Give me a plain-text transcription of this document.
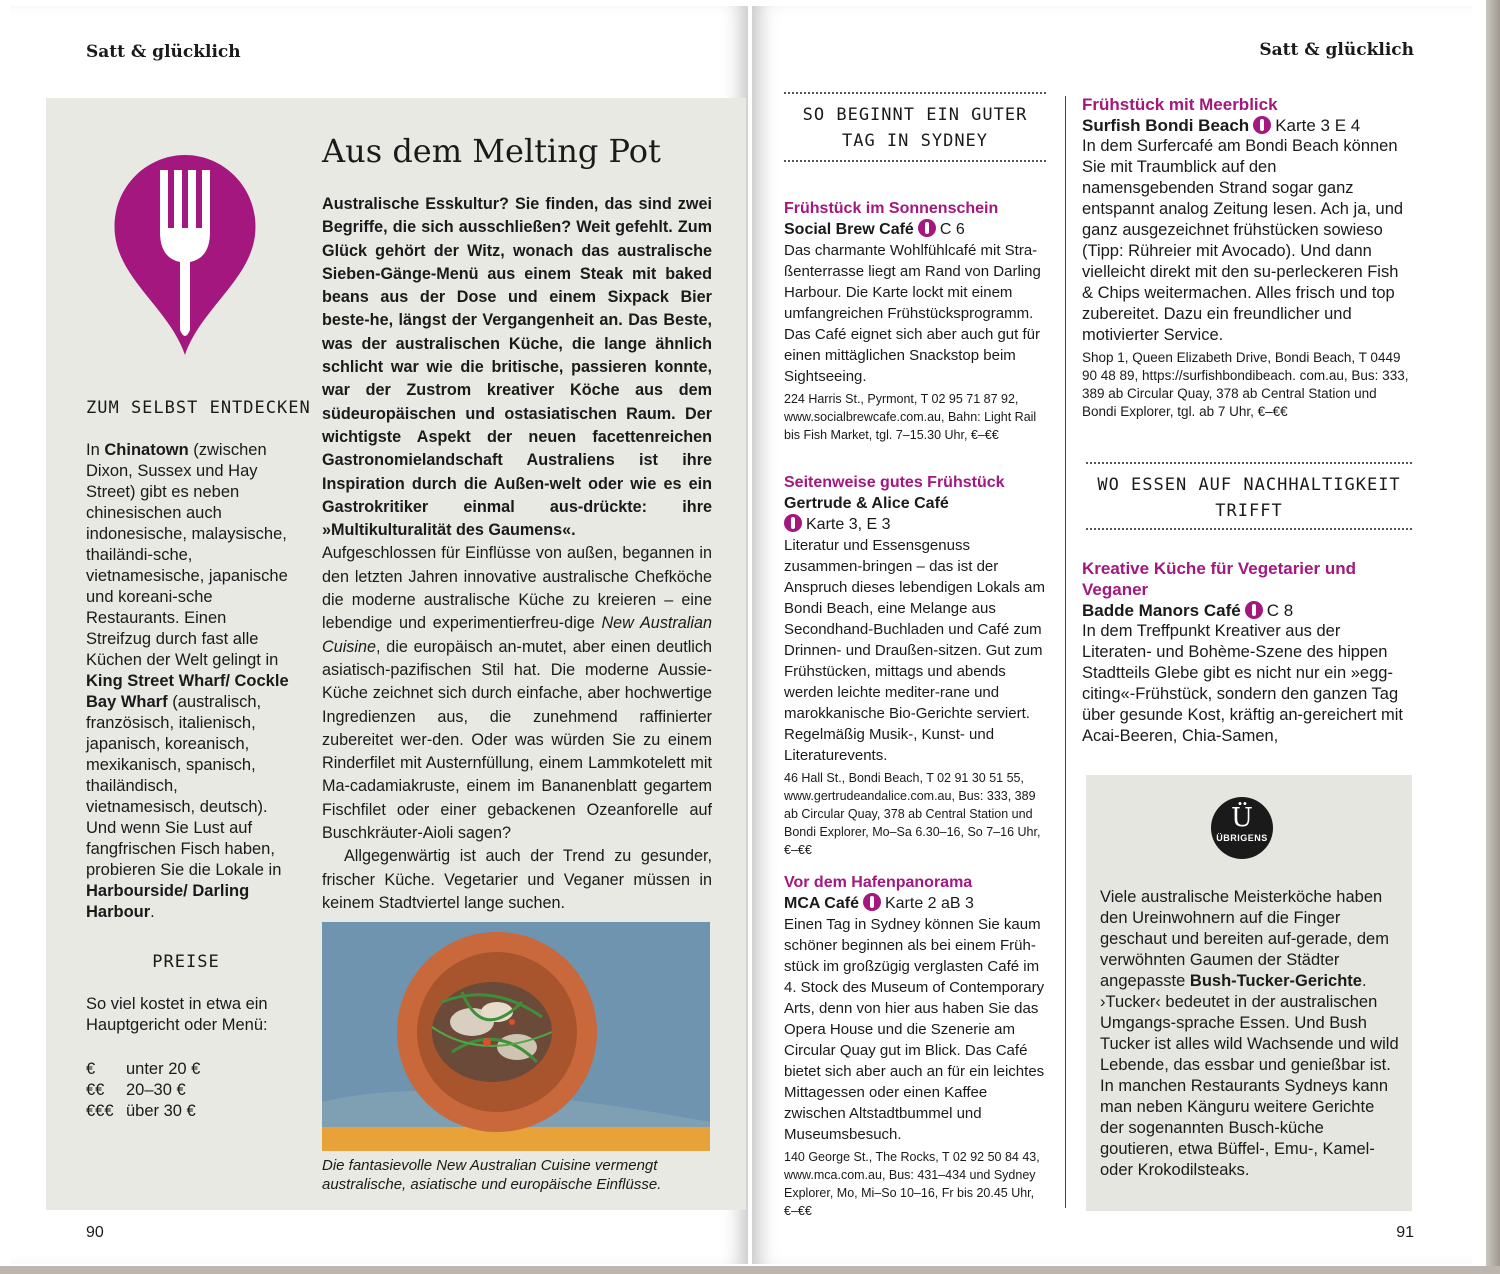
Satt & glücklich
ZUM SELBST ENTDECKEN

In Chinatown (zwischen Dixon, Sussex und Hay Street) gibt es neben chinesischen auch indonesische, malaysische, thailändi-sche, vietnamesische, japanische und koreani-sche Restaurants. Einen Streifzug durch fast alle Küchen der Welt gelingt in King Street Wharf/ Cockle Bay Wharf (australisch, französisch, italienisch, japanisch, koreanisch, mexikanisch, spanisch, thailändisch, vietnamesisch, deutsch). Und wenn Sie Lust auf fangfrischen Fisch haben, probieren Sie die Lokale in Harbourside/ Darling Harbour.

PREISE
So viel kostet in etwa ein Hauptgericht oder Menü:
€	unter 20 €
€€	20–30 €
€€€ über 30 €
Aus dem Melting Pot

Australische Esskultur? Sie finden, das sind zwei Begriffe, die sich ausschließen? Weit gefehlt. Zum Glück gehört der Witz, wonach das australische Sieben-Gänge-Menü aus einem Steak mit baked beans aus der Dose und einem Sixpack Bier beste-he, längst der Vergangenheit an. Das Beste, was der australischen Küche, die lange ähnlich schlicht war wie die britische, passieren konnte, war der Zustrom kreativer Köche aus dem südeuropäischen und ostasiatischen Raum. Der wichtigste Aspekt der neuen facettenreichen Gastronomielandschaft Australiens ist ihre Inspiration durch die Außen-welt oder wie es ein Gastrokritiker einmal aus-drückte: ihre »Multikulturalität des Gaumens«.

Aufgeschlossen für Einflüsse von außen, begannen in den letzten Jahren innovative australische Chefköche die moderne australische Küche zu kreieren – eine lebendige und experimentierfreu-dige New Australian Cuisine, die europäisch an-mutet, aber einen deutlich asiatisch-pazifischen Stil hat. Die moderne Aussie-Küche zeichnet sich durch einfache, aber hochwertige Ingredienzen aus, die zunehmend raffinierter zubereitet wer-den. Oder was würden Sie zu einem Rinderfilet mit Austernfüllung, einem Lammkotelett mit Ma-cadamiakruste, einem im Bananenblatt gegartem Fischfilet oder einer gebackenen Ozeanforelle auf Buschkräuter-Aioli sagen?

Allgegenwärtig ist auch der Trend zu gesunder, frischer Küche. Vegetarier und Veganer müssen in keinem Stadtviertel lange suchen.

Die fantasievolle New Australian Cuisine vermengt australische, asiatische und europäische Einflüsse.
90
Satt & glücklich
SO BEGINNT EIN GUTER TAG IN SYDNEY
Frühstück im Sonnenschein
Social Brew Café C 6
Das charmante Wohlfühlcafé mit Stra-ßenterrasse liegt am Rand von Darling Harbour. Die Karte lockt mit einem umfangreichen Frühstücksprogramm. Das Café eignet sich aber auch gut für einen mittäglichen Snackstop beim Sightseeing.
224 Harris St., Pyrmont, T 02 95 71 87 92, www.socialbrewcafe.com.au, Bahn: Light Rail bis Fish Market, tgl. 7–15.30 Uhr, €–€€
Seitenweise gutes Frühstück
Gertrude & Alice Café
Karte 3, E 3
Literatur und Essensgenuss zusammen-bringen – das ist der Anspruch dieses lebendigen Lokals am Bondi Beach, eine Melange aus Secondhand-Buchladen und Café zum Drinnen- und Draußen-sitzen. Gut zum Frühstücken, mittags und abends werden leichte mediter-rane und marokkanische Bio-Gerichte serviert. Regelmäßig Musik-, Kunst- und Literaturevents.
46 Hall St., Bondi Beach, T 02 91 30 51 55, www.gertrudeandalice.com.au, Bus: 333, 389 ab Circular Quay, 378 ab Central Station und Bondi Explorer, Mo–Sa 6.30–16, So 7–16 Uhr, €–€€
Vor dem Hafenpanorama
MCA Café Karte 2 aB 3
Einen Tag in Sydney können Sie kaum schöner beginnen als bei einem Früh-stück im großzügig verglasten Café im 4. Stock des Museum of Contemporary Arts, denn von hier aus haben Sie das Opera House und die Szenerie am Circular Quay gut im Blick. Das Café bietet sich aber auch an für ein leichtes Mittagessen oder einen Kaffee zwischen Altstadtbummel und Museumsbesuch.
140 George St., The Rocks, T 02 92 50 84 43, www.mca.com.au, Bus: 431–434 und Sydney Explorer, Mo, Mi–So 10–16, Fr bis 20.45 Uhr, €–€€
Frühstück mit Meerblick
Surfish Bondi Beach Karte 3 E 4
In dem Surfercafé am Bondi Beach können Sie mit Traumblick auf den namensgebenden Strand sogar ganz entspannt analog Zeitung lesen. Ach ja, und ganz ausgezeichnet frühstücken sowieso (Tipp: Rühreier mit Avocado). Und dann vielleicht direkt mit den su-perleckeren Fish & Chips weitermachen. Alles frisch und top zubereitet. Dazu ein freundlicher und motivierter Service.
Shop 1, Queen Elizabeth Drive, Bondi Beach, T 0449 90 48 89, https://surfishbondibeach. com.au, Bus: 333, 389 ab Circular Quay, 378 ab Central Station und Bondi Explorer, tgl. ab 7 Uhr, €–€€
WO ESSEN AUF NACHHALTIGKEIT TRIFFT
Kreative Küche für Vegetarier und Veganer
Badde Manors Café C 8
In dem Treffpunkt Kreativer aus der Literaten- und Bohème-Szene des hippen Stadtteils Glebe gibt es nicht nur ein »egg-citing«-Frühstück, sondern den ganzen Tag über gesunde Kost, kräftig an-gereichert mit Acai-Beeren, Chia-Samen,
Ü
ÜBRIGENS
Viele australische Meisterköche haben den Ureinwohnern auf die Finger geschaut und bereiten auf-gerade, dem verwöhnten Gaumen der Städter angepasste Bush-Tucker-Gerichte. ›Tucker‹ bedeutet in der australischen Umgangs-sprache Essen. Und Bush Tucker ist alles wild Wachsende und wild Lebende, das essbar und genießbar ist. In manchen Restaurants Sydneys kann man neben Känguru weitere Gerichte der sogenannten Busch-küche goutieren, etwa Büffel-, Emu-, Kamel- oder Krokodilsteaks.
91
